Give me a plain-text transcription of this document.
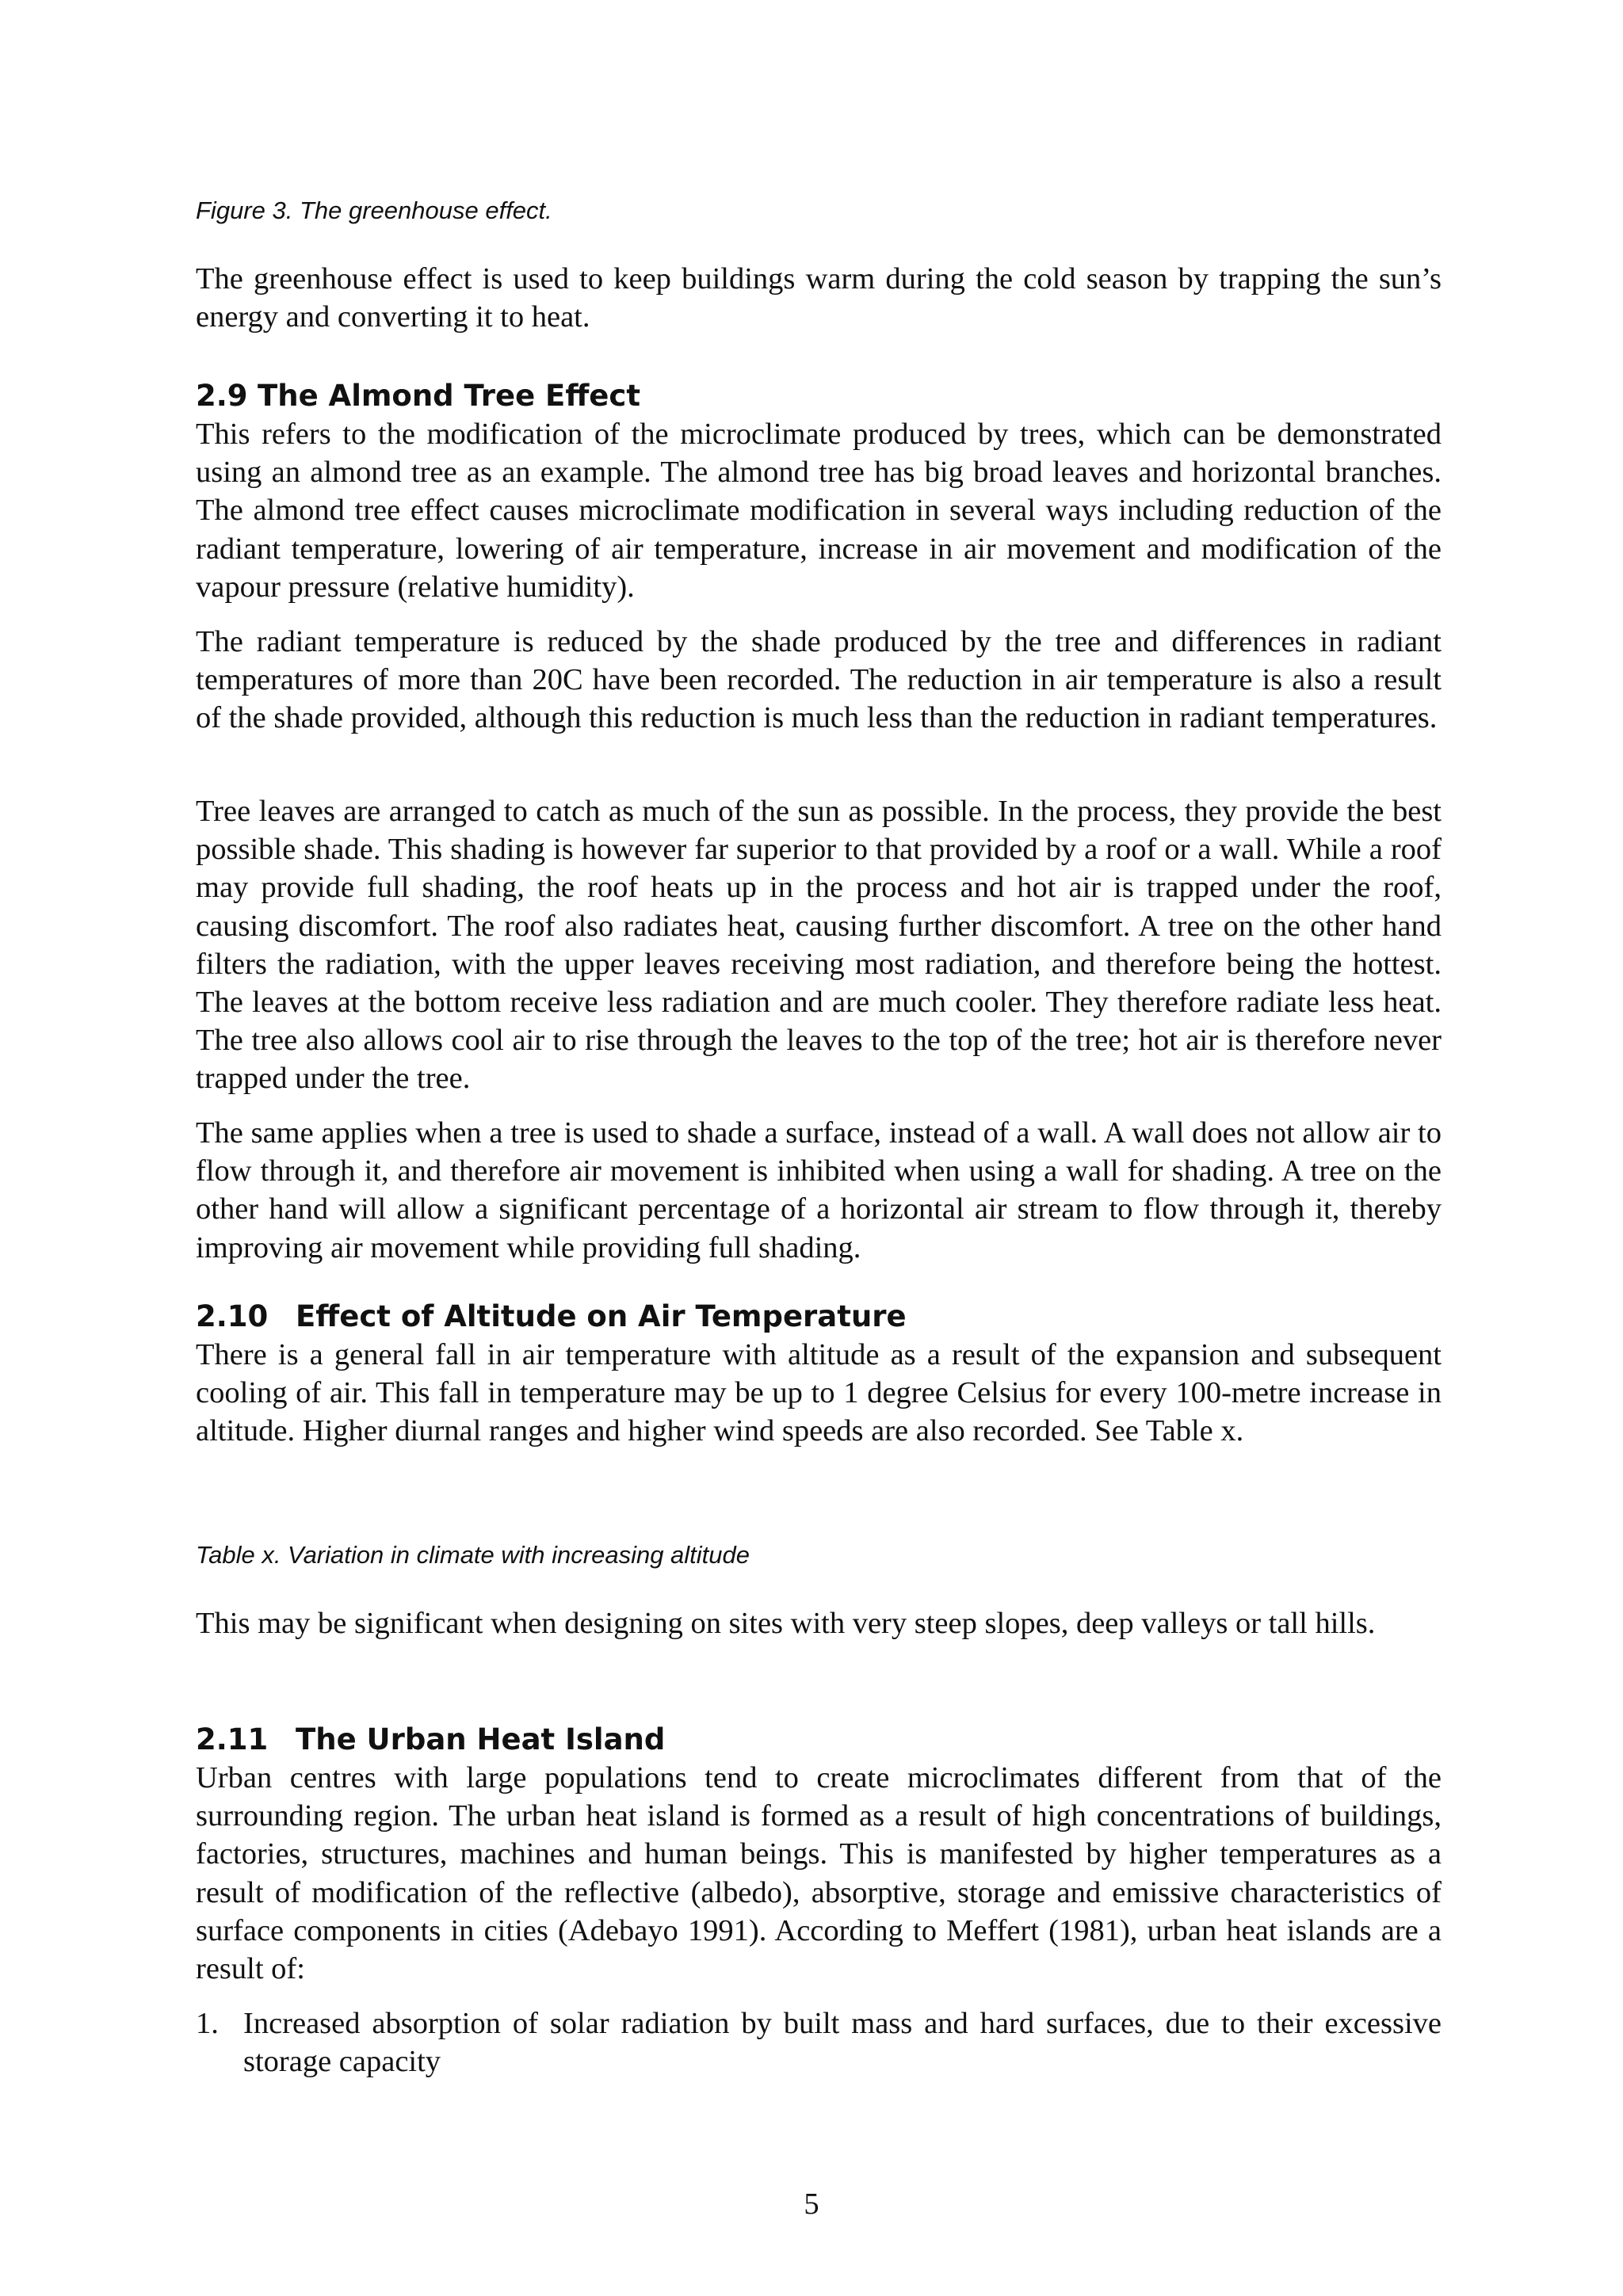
Figure 3. The greenhouse effect.

The greenhouse effect is used to keep buildings warm during the cold season by trapping the sun’s energy and converting it to heat.

2.9 The Almond Tree Effect

This refers to the modification of the microclimate produced by trees, which can be demonstrated using an almond tree as an example. The almond tree has big broad leaves and horizontal branches. The almond tree effect causes microclimate modification in several ways including reduction of the radiant temperature, lowering of air temperature, increase in air movement and modification of the vapour pressure (relative humidity).

The radiant temperature is reduced by the shade produced by the tree and differences in radiant temperatures of more than 20C have been recorded. The reduction in air temperature is also a result of the shade provided, although this reduction is much less than the reduction in radiant temperatures.

Tree leaves are arranged to catch as much of the sun as possible. In the process, they provide the best possible shade. This shading is however far superior to that provided by a roof or a wall. While a roof may provide full shading, the roof heats up in the process and hot air is trapped under the roof, causing discomfort. The roof also radiates heat, causing further discomfort. A tree on the other hand filters the radiation, with the upper leaves receiving most radiation, and therefore being the hottest. The leaves at the bottom receive less radiation and are much cooler. They therefore radiate less heat. The tree also allows cool air to rise through the leaves to the top of the tree; hot air is therefore never trapped under the tree.

The same applies when a tree is used to shade a surface, instead of a wall. A wall does not allow air to flow through it, and therefore air movement is inhibited when using a wall for shading. A tree on the other hand will allow a significant percentage of a horizontal air stream to flow through it, thereby improving air movement while providing full shading.

2.10 Effect of Altitude on Air Temperature

There is a general fall in air temperature with altitude as a result of the expansion and subsequent cooling of air. This fall in temperature may be up to 1 degree Celsius for every 100-metre increase in altitude. Higher diurnal ranges and higher wind speeds are also recorded. See Table x.

Table x. Variation in climate with increasing altitude

This may be significant when designing on sites with very steep slopes, deep valleys or tall hills.

2.11 The Urban Heat Island

Urban centres with large populations tend to create microclimates different from that of the surrounding region. The urban heat island is formed as a result of high concentrations of buildings, factories, structures, machines and human beings. This is manifested by higher temperatures as a result of modification of the reflective (albedo), absorptive, storage and emissive characteristics of surface components in cities (Adebayo 1991). According to Meffert (1981), urban heat islands are a result of:

1. Increased absorption of solar radiation by built mass and hard surfaces, due to their excessive storage capacity
5
